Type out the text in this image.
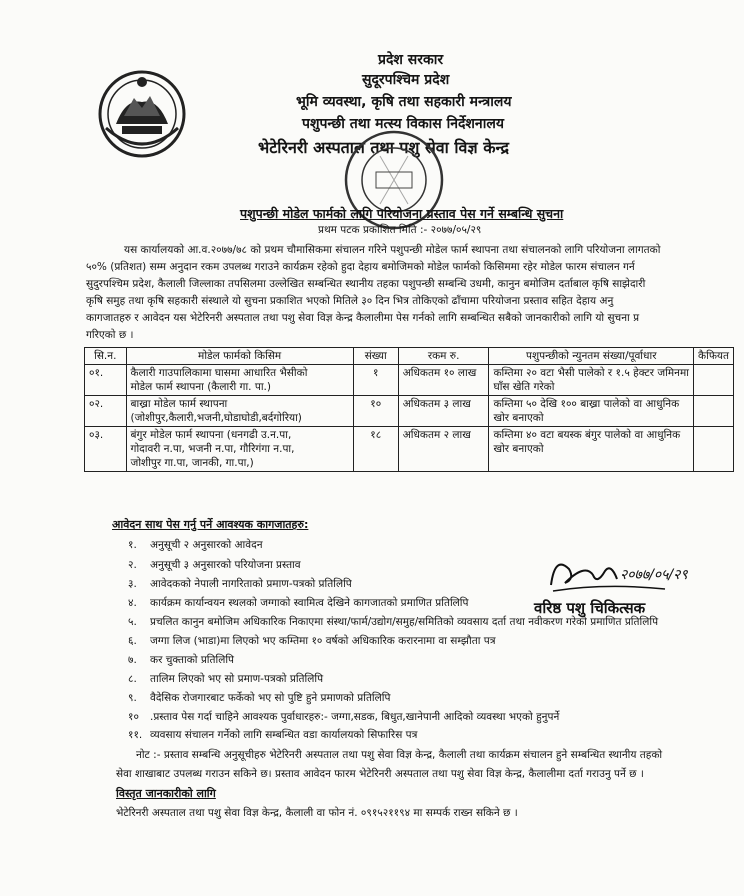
प्रदेश सरकार
सुदूरपश्चिम प्रदेश
भूमि व्यवस्था, कृषि तथा सहकारी मन्त्रालय
पशुपन्छी तथा मत्स्य विकास निर्देशनालय
भेटेरिनरी अस्पताल तथा पशु सेवा विज्ञ केन्द्र
पशुपन्छी मोडेल फार्मको लागि परियोजना प्रस्ताव पेस गर्ने सम्बन्धि सुचना
प्रथम पटक प्रकाशित मिति :- २०७७/०५/२९
यस कार्यालयको आ.व.२०७७/७८ को प्रथम चौमासिकमा संचालन गरिने पशुपन्छी मोडेल फार्म स्थापना तथा संचालनको लागि परियोजना लागतको
५०% (प्रतिशत) सम्म अनुदान रकम उपलब्ध गराउने कार्यक्रम रहेको हुदा देहाय बमोजिमको मोडेल फार्मको किसिममा रहेर मोडेल फारम संचालन गर्न
सुदुरपश्चिम प्रदेश, कैलाली जिल्लाका तपसिलमा उल्लेखित सम्बन्धित स्थानीय तहका पशुपन्छी सम्बन्धि उधमी, कानुन बमोजिम दर्ताबाल कृषि साझेदारी
कृषि समुह तथा कृषि सहकारी संस्थाले यो सुचना प्रकाशित भएको मितिले ३० दिन भित्र तोकिएको ढाँचामा परियोजना प्रस्ताव सहित देहाय अनु
कागजातहरु र आवेदन यस भेटेरिनरी अस्पताल तथा पशु सेवा विज्ञ केन्द्र कैलालीमा पेस गर्नको लागि सम्बन्धित सबैको जानकारीको लागि यो सुचना प्र
गरिएको छ ।
सि.न.	मोडेल फार्मको किसिम	संख्या	रकम रु.	पशुपन्छीको न्युनतम संख्या/पूर्वाधार	कैफियत
०१.	कैलारी गाउपालिकामा घासमा आधारित भैसीको
मोडेल फार्म स्थापना (कैलारी गा. पा.)	१	अधिकतम १० लाख	कम्तिमा २० वटा भैसी पालेको र १.५ हेक्टर जमिनमा
घाँस खेति गरेको	

०२.	बाख्रा मोडेल फार्म स्थापना
(जोशीपुर,कैलारी,भजनी,घोडाघोडी,बर्दगोरिया)	१०	अधिकतम ३ लाख	कम्तिमा ५० देखि १०० बाख्रा पालेको वा आधुनिक
खोर बनाएको	

०३.	बंगुर मोडेल फार्म स्थापना (धनगढी उ.न.पा,
गोदावरी न.पा, भजनी न.पा, गौरिगंगा न.पा,
जोशीपुर गा.पा, जानकी, गा.पा,)	१८	अधिकतम २ लाख	कम्तिमा ४० वटा बयस्क बंगुर पालेको वा आधुनिक
खोर बनाएको	

आवेदन साथ पेस गर्नु पर्ने आवश्यक कागजातहरु:
१. अनुसूची २ अनुसारको आवेदन
२. अनुसूची ३ अनुसारको परियोजना प्रस्ताव
३. आवेदकको नेपाली नागरिताको प्रमाण-पत्रको प्रतिलिपि
४. कार्यक्रम कार्यान्वयन स्थलको जग्गाको स्वामित्व देखिने कागजातको प्रमाणित प्रतिलिपि
५. प्रचलित कानुन बमोजिम अधिकारिक निकाएमा संस्था/फार्म/उद्योग/समुह/समितिको व्यवसाय दर्ता तथा नवीकरण गरेको प्रमाणित प्रतिलिपि
६. जग्गा लिज (भाडा)मा लिएको भए कम्तिमा १० वर्षको अधिकारिक करारनामा वा सम्झौता पत्र
७. कर चुक्ताको प्रतिलिपि
८. तालिम लिएको भए सो प्रमाण-पत्रको प्रतिलिपि
९. वैदेसिक रोजगारबाट फर्केको भए सो पुष्टि हुने प्रमाणको प्रतिलिपि
१० .प्रस्ताव पेस गर्दा चाहिने आवश्यक पुर्वाधारहरु:- जग्गा,सडक, बिधुत,खानेपानी आदिको व्यवस्था भएको हुनुपर्ने
११. व्यवसाय संचालन गर्नेको लागि सम्बन्धित वडा कार्यालयको सिफारिस पत्र
नोट :- प्रस्ताव सम्बन्धि अनुसूचीहरु भेटेरिनरी अस्पताल तथा पशु सेवा विज्ञ केन्द्र, कैलाली तथा कार्यक्रम संचालन हुने सम्बन्धित स्थानीय तहको
सेवा शाखाबाट उपलब्ध गराउन सकिने छ। प्रस्ताव आवेदन फारम भेटेरिनरी अस्पताल तथा पशु सेवा विज्ञ केन्द्र, कैलालीमा दर्ता गराउनु पर्ने छ ।
विस्तृत जानकारीको लागि
भेटेरिनरी अस्पताल तथा पशु सेवा विज्ञ केन्द्र, कैलाली वा फोन नं. ०९१५२११९४ मा सम्पर्क राख्न सकिने छ ।
२०७७/०५/२९
वरिष्ठ पशु चिकित्सक
